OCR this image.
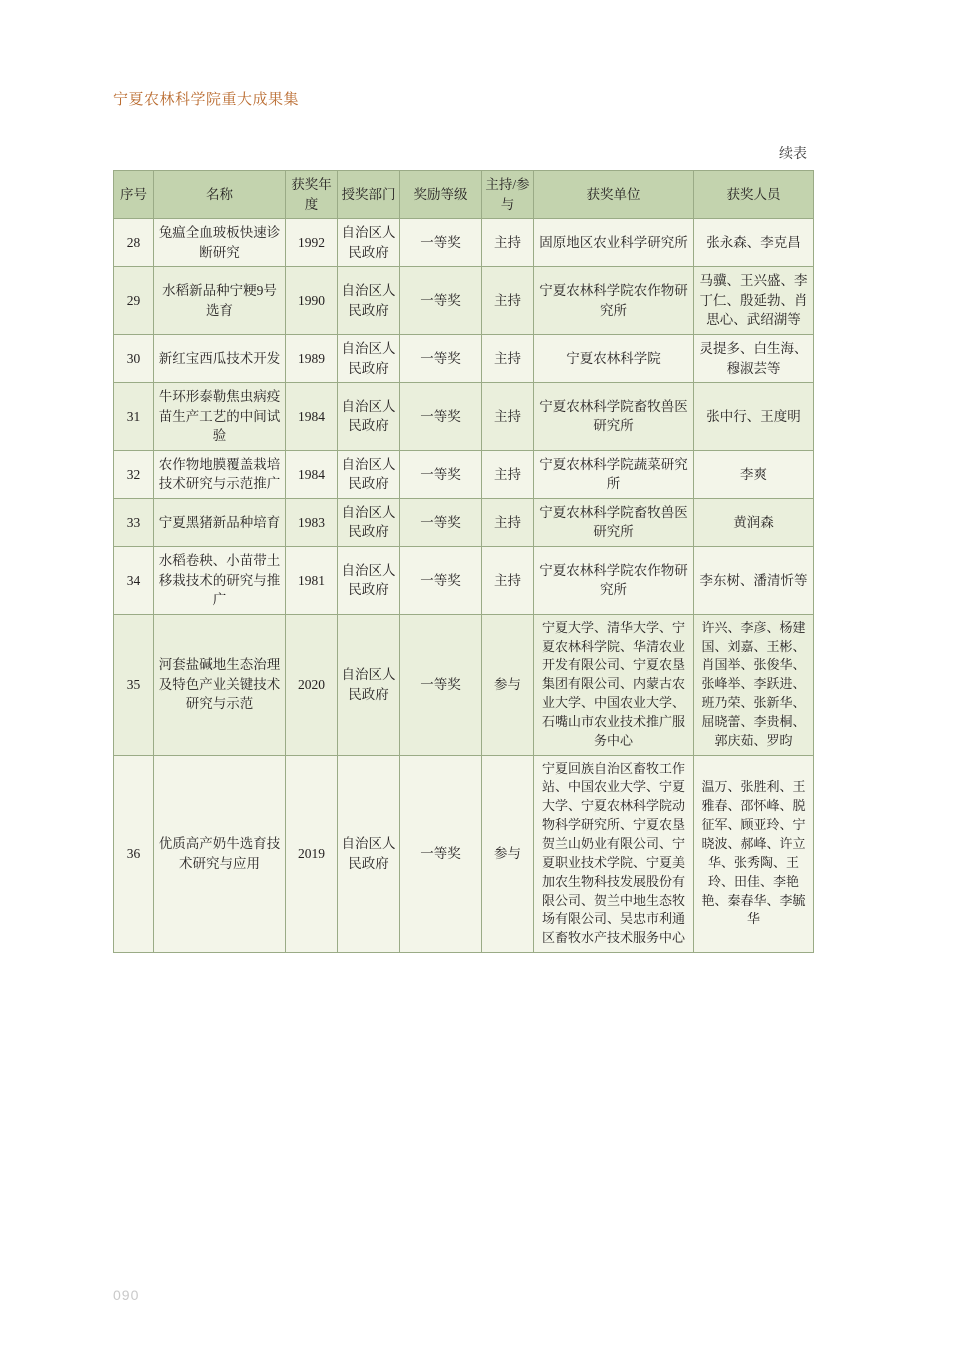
宁夏农林科学院重大成果集
续表
序号	名称	获奖年度	授奖部门	奖励等级	主持/参与	获奖单位	获奖人员
28	兔瘟全血玻板快速诊断研究	1992	自治区人民政府	一等奖	主持	固原地区农业科学研究所	张永森、李克昌
29	水稻新品种宁粳9号选育	1990	自治区人民政府	一等奖	主持	宁夏农林科学院农作物研究所	马骥、王兴盛、李丁仁、殷延勃、肖思心、武绍湖等
30	新红宝西瓜技术开发	1989	自治区人民政府	一等奖	主持	宁夏农林科学院	灵提多、白生海、穆淑芸等
31	牛环形泰勒焦虫病疫苗生产工艺的中间试验	1984	自治区人民政府	一等奖	主持	宁夏农林科学院畜牧兽医研究所	张中行、王度明
32	农作物地膜覆盖栽培技术研究与示范推广	1984	自治区人民政府	一等奖	主持	宁夏农林科学院蔬菜研究所	李爽
33	宁夏黑猪新品种培育	1983	自治区人民政府	一等奖	主持	宁夏农林科学院畜牧兽医研究所	黄润森
34	水稻卷秧、小苗带土移栽技术的研究与推广	1981	自治区人民政府	一等奖	主持	宁夏农林科学院农作物研究所	李东树、潘清忻等
35	河套盐碱地生态治理及特色产业关键技术研究与示范	2020	自治区人民政府	一等奖	参与	宁夏大学、清华大学、宁夏农林科学院、华清农业开发有限公司、宁夏农垦集团有限公司、内蒙古农业大学、中国农业大学、石嘴山市农业技术推广服务中心	许兴、李彦、杨建国、刘嘉、王彬、肖国举、张俊华、张峰举、李跃进、班乃荣、张新华、屈晓蕾、李贵桐、郭庆茹、罗昀
36	优质高产奶牛选育技术研究与应用	2019	自治区人民政府	一等奖	参与	宁夏回族自治区畜牧工作站、中国农业大学、宁夏大学、宁夏农林科学院动物科学研究所、宁夏农垦贺兰山奶业有限公司、宁夏职业技术学院、宁夏美加农生物科技发展股份有限公司、贺兰中地生态牧场有限公司、吴忠市利通区畜牧水产技术服务中心	温万、张胜利、王雅春、邵怀峰、脱征军、顾亚玲、宁晓波、郝峰、许立华、张秀陶、王玲、田佳、李艳艳、秦春华、李毓华
090
